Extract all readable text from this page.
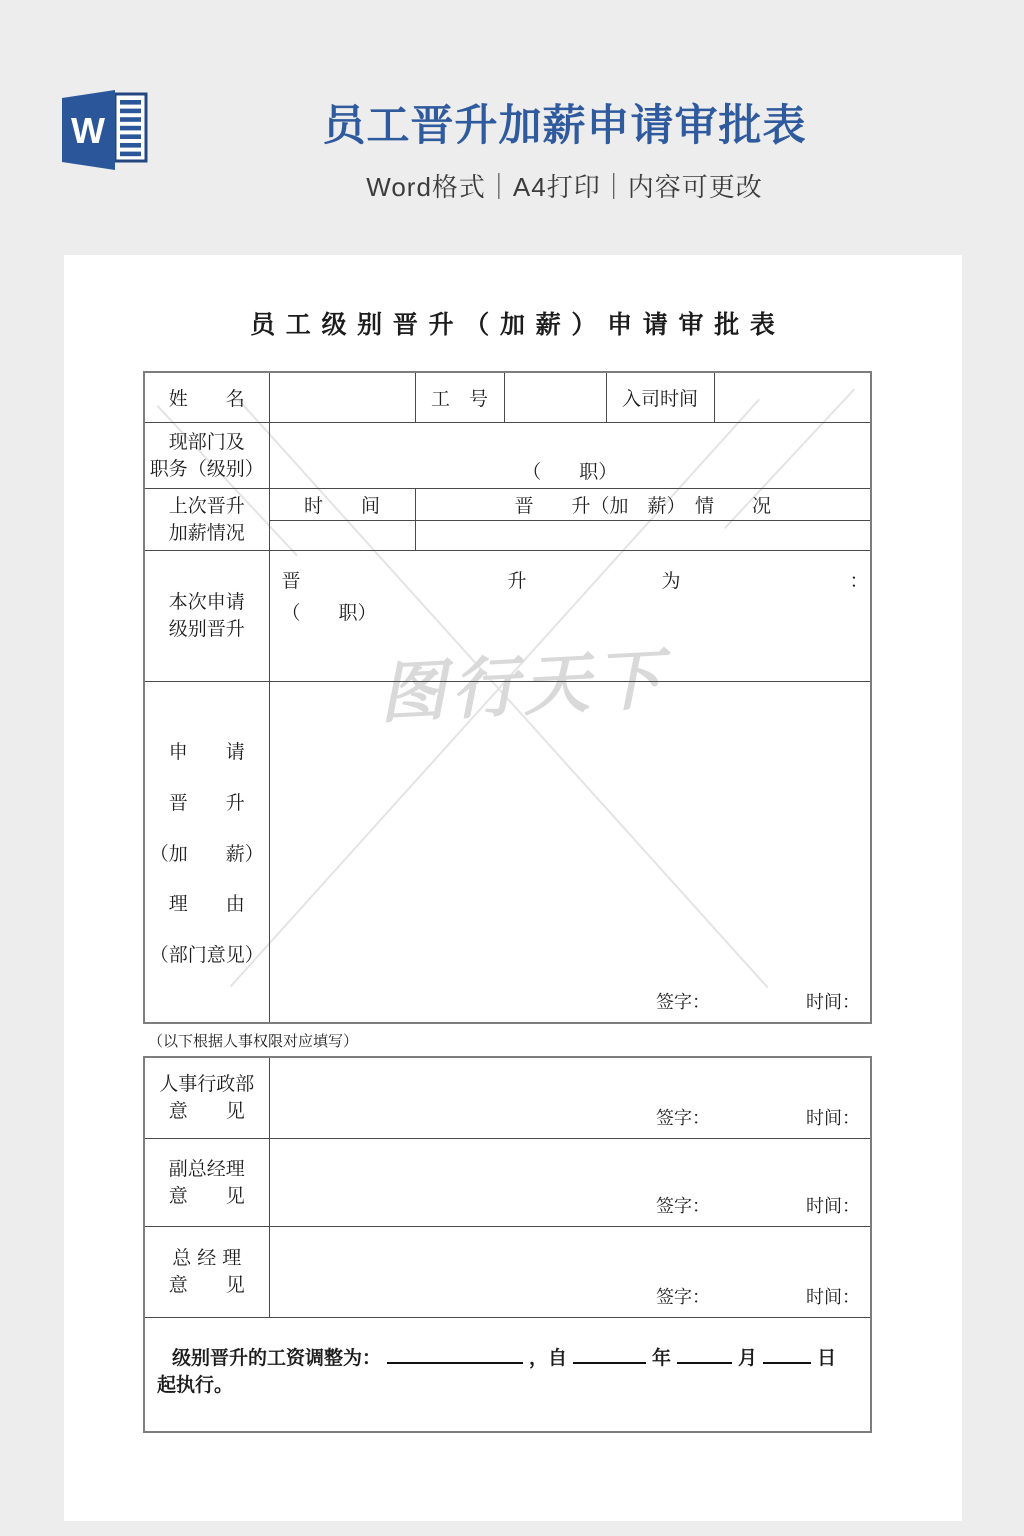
W	员工晋升加薪申请审批表

Word格式｜A4打印｜内容可更改

图行天下
员 工 级 别 晋 升 （ 加 薪 ） 申 请 审 批 表
姓　　名		工　号		入司时间	

现部门及
职务（级别）	（　　职）				

上次晋升
加薪情况	时　　间	晋　　升（加　薪）　情　　况			

本次申请
级别晋升	晋 升 为 ：
（　　职）				

申　　请
晋　　升
（加　　薪）
理　　由
（部门意见）	签字： 时间：				

（以下根据人事权限对应填写）

人事行政部
意　　见	签字： 时间：

副总经理
意　　见	签字： 时间：

总 经 理
意　　见	签字： 时间：

级别晋升的工资调整为： ，自 年 月 日
起执行。	
